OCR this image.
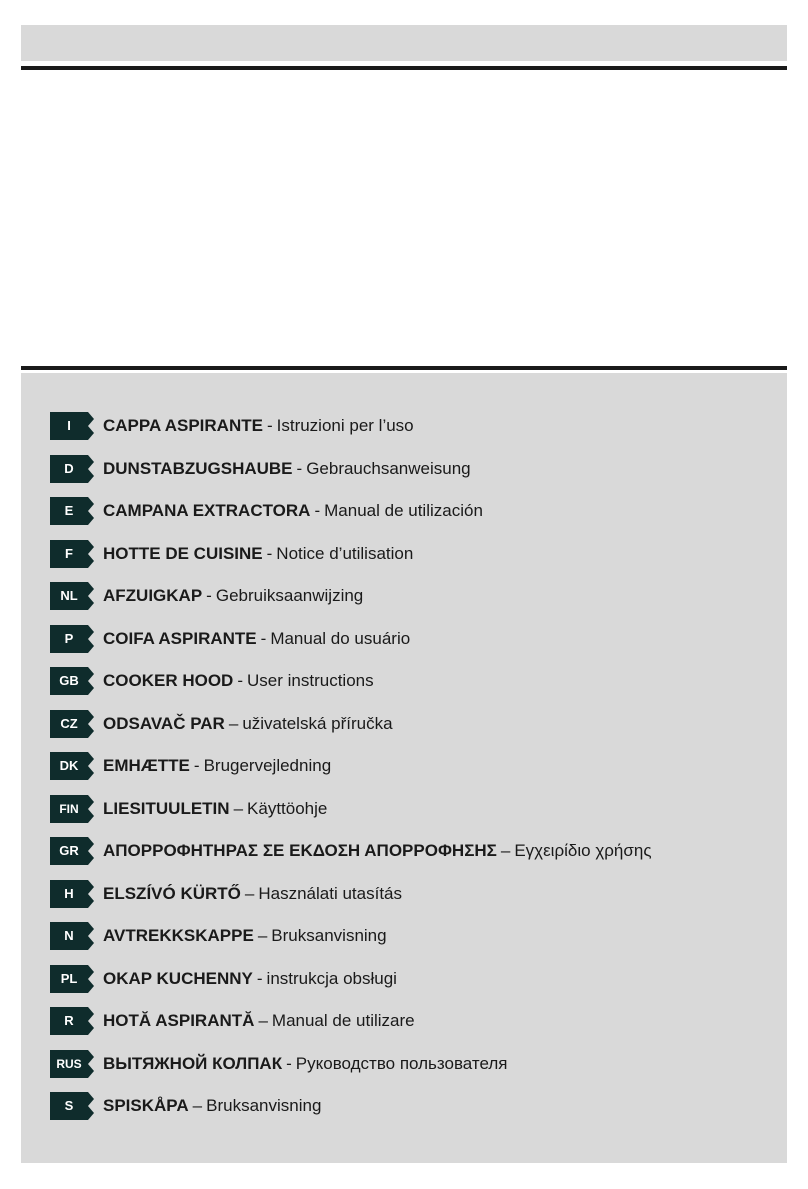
I	CAPPA ASPIRANTE - Istruzioni per l’uso
D	DUNSTABZUGSHAUBE - Gebrauchsanweisung
E	CAMPANA EXTRACTORA - Manual de utilización
F	HOTTE DE CUISINE - Notice d’utilisation
NL	AFZUIGKAP - Gebruiksaanwijzing
P	COIFA ASPIRANTE - Manual do usuário
GB	COOKER HOOD - User instructions
CZ	ODSAVAČ PAR – uživatelská příručka
DK	EMHÆTTE - Brugervejledning
FIN	LIESITUULETIN – Käyttöohje
GR	ΑΠΟΡΡΟΦΗΤΗΡΑΣ ΣΕ ΕΚΔΟΣΗ ΑΠΟΡΡΟΦΗΣΗΣ – Εγχειρίδιο χρήσης
H	ELSZÍVÓ KÜRTŐ – Használati utasítás
N	AVTREKKSKAPPE – Bruksanvisning
PL	OKAP KUCHENNY - instrukcja obsługi
R	HOTĂ ASPIRANTĂ – Manual de utilizare
RUS	ВЫТЯЖНОЙ КОЛПАК - Руководство пользователя
S	SPISKÅPA – Bruksanvisning
